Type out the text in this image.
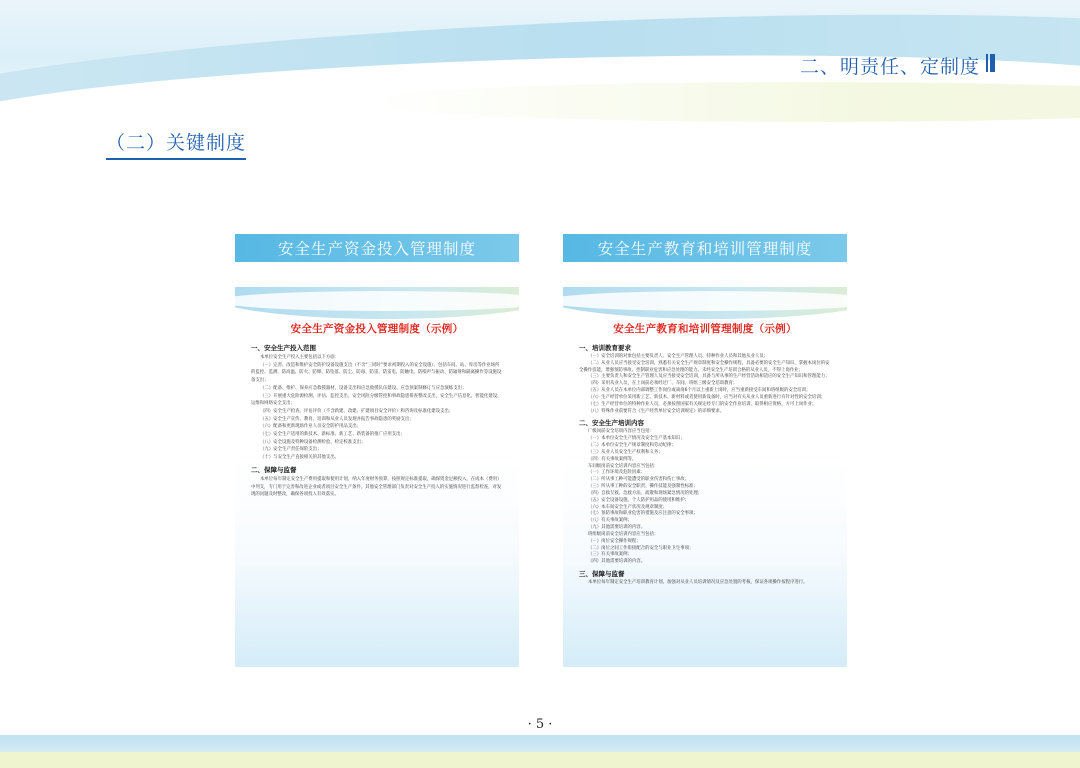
二、明责任、定制度
（二）关键制度
安全生产资金投入管理制度
安全生产资金投入管理制度（示例）
一、安全生产投入范围
本单位安全生产投入主要包括以下方面：
（一）完善、改造和维护安全防护设备设施支出（不含“三同时”要求初期投入的安全设施），包括车间、站、库房等作业场所的监控、监测、防高温、防火、防爆、防坠落、防尘、防毒、防雷、防雷电、防触电、防噪声与振动、防辐射和隔离操作等设施设备支出；
（二）配备、维护、保养应急救援器材、设备支出和应急救援队伍建设、应急预案制修订与应急演练支出；
（三）开展重大危险源检测、评估、监控支出，安全风险分级管控和事故隐患排查整改支出，安全生产信息化、智能化建设、运维和网络安全支出；
（四）安全生产检查、评估评价（不含新建、改建、扩建项目安全评价）和咨询及标准化建设支出；
（五）安全生产宣传、教育、培训和从业人员发现并报告事故隐患的奖励支出；
（六）配备和更新现场作业人员安全防护用品支出；
（七）安全生产适用的新技术、新标准、新工艺、新装备的推广应用支出；
（八）安全设施及特种设备检测检验、检定校准支出；
（九）安全生产责任保险支出；
（十）与安全生产直接相关的其他支出。
二、保障与监督
本单位每年制定安全生产费用提取和使用计划，纳入年度财务预算，按照规定标准提取，确保资金足额投入，在成本（费用）中列支，专门用于完善和改进企业或者项目安全生产条件。其他安全管理部门负责对安全生产投入的实施情况进行监督检查，对发现的问题及时整改，确保各项投入有效落实。
安全生产教育和培训管理制度
安全生产教育和培训管理制度（示例）
一、培训教育要求
（一）安全培训的对象包括主要负责人、安全生产管理人员、特种作业人员和其他从业人员；
（二）从业人员应当接受安全培训，熟悉有关安全生产规章制度和安全操作规程，具备必要的安全生产知识，掌握本岗位的安全操作技能，增强预防事故、控制职业危害和应急处理的能力。未经安全生产培训合格的从业人员，不得上岗作业；
（三）主要负责人和安全生产管理人员应当接受安全培训，具备与所从事的生产经营活动相适应的安全生产知识和管理能力；
（四）采用从业人员，在上岗前必须经过厂、车间、班组三级安全培训教育；
（五）从业人员在本单位内部调整工作岗位或离岗6个月以上重新上岗时，应当重新接受车间和班组级的安全培训；
（六）生产经营单位采用新工艺、新技术、新材料或者使用新设备时，应当对有关从业人员重新进行有针对性的安全培训；
（七）生产经营单位的特种作业人员，必须按照国家有关规定经专门的安全作业培训，取得相应资格，方可上岗作业；
（八）特殊作业前要符合《生产经营单位安全培训规定》的详细要求。
二、安全生产培训内容
厂级岗前安全培训内容应当包括：
（一）本单位安全生产情况及安全生产基本知识；
（二）本单位安全生产规章制度和劳动纪律；
（三）从业人员安全生产权利和义务；
（四）有关事故案例等。
车间级岗前安全培训内容应当包括：
（一）工作环境及危险因素；
（二）所从事工种可能遭受的职业伤害和伤亡事故；
（三）所从事工种的安全职责、操作技能及强制性标准；
（四）自救互救、急救方法、疏散和现场紧急情况的处理；
（五）安全设备设施、个人防护用品的使用和维护；
（六）本车间安全生产状况及规章制度；
（七）预防事故和职业危害的措施及应注意的安全事项；
（八）有关事故案例；
（九）其他需要培训的内容。
班组级岗前安全培训内容应当包括：
（一）岗位安全操作规程；
（二）岗位之间工作衔接配合的安全与职业卫生事项；
（三）有关事故案例；
（四）其他需要培训的内容。
三、保障与监督
本单位每年制定安全生产培训教育计划，加强对从业人员培训情况及应急处置的考核，保证各项操作按程序进行。
· 5 ·
